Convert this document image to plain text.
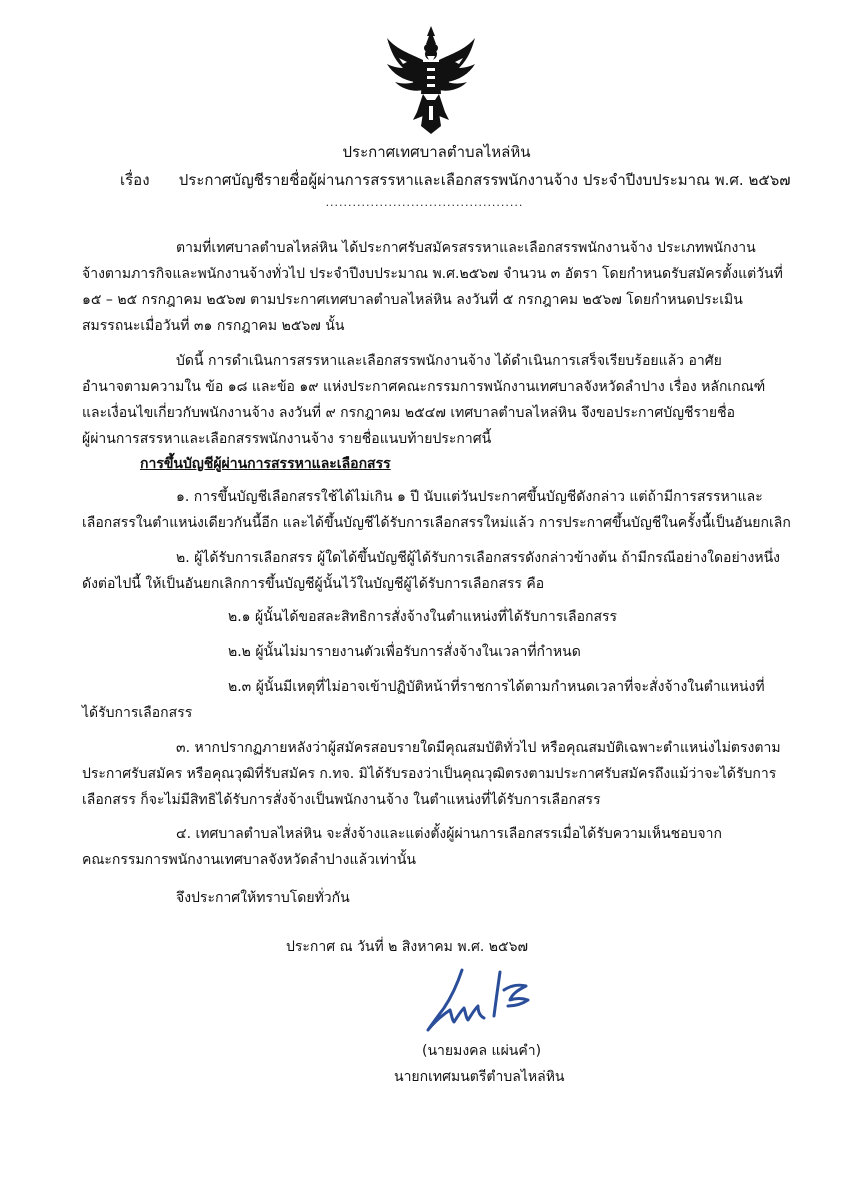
ประกาศเทศบาลตำบลไหล่หิน
เรื่อง ประกาศบัญชีรายชื่อผู้ผ่านการสรรหาและเลือกสรรพนักงานจ้าง ประจำปีงบประมาณ พ.ศ. ๒๕๖๗
............................................
ตามที่เทศบาลตำบลไหล่หิน ได้ประกาศรับสมัครสรรหาและเลือกสรรพนักงานจ้าง ประเภทพนักงาน
จ้างตามภารกิจและพนักงานจ้างทั่วไป ประจำปีงบประมาณ พ.ศ.๒๕๖๗ จำนวน ๓ อัตรา โดยกำหนดรับสมัครตั้งแต่วันที่
๑๕ – ๒๕ กรกฎาคม ๒๕๖๗ ตามประกาศเทศบาลตำบลไหล่หิน ลงวันที่ ๕ กรกฎาคม ๒๕๖๗ โดยกำหนดประเมิน
สมรรถนะเมื่อวันที่ ๓๑ กรกฎาคม ๒๕๖๗ นั้น
บัดนี้ การดำเนินการสรรหาและเลือกสรรพนักงานจ้าง ได้ดำเนินการเสร็จเรียบร้อยแล้ว อาศัย
อำนาจตามความใน ข้อ ๑๘ และข้อ ๑๙ แห่งประกาศคณะกรรมการพนักงานเทศบาลจังหวัดลำปาง เรื่อง หลักเกณฑ์
และเงื่อนไขเกี่ยวกับพนักงานจ้าง ลงวันที่ ๙ กรกฎาคม ๒๕๔๗ เทศบาลตำบลไหล่หิน จึงขอประกาศบัญชีรายชื่อ
ผู้ผ่านการสรรหาและเลือกสรรพนักงานจ้าง รายชื่อแนบท้ายประกาศนี้
การขึ้นบัญชีผู้ผ่านการสรรหาและเลือกสรร
๑. การขึ้นบัญชีเลือกสรรใช้ได้ไม่เกิน ๑ ปี นับแต่วันประกาศขึ้นบัญชีดังกล่าว แต่ถ้ามีการสรรหาและ
เลือกสรรในตำแหน่งเดียวกันนี้อีก และได้ขึ้นบัญชีได้รับการเลือกสรรใหม่แล้ว การประกาศขึ้นบัญชีในครั้งนี้เป็นอันยกเลิก
๒. ผู้ได้รับการเลือกสรร ผู้ใดได้ขึ้นบัญชีผู้ได้รับการเลือกสรรดังกล่าวข้างต้น ถ้ามีกรณีอย่างใดอย่างหนึ่ง
ดังต่อไปนี้ ให้เป็นอันยกเลิกการขึ้นบัญชีผู้นั้นไว้ในบัญชีผู้ได้รับการเลือกสรร คือ
๒.๑ ผู้นั้นได้ขอสละสิทธิการสั่งจ้างในตำแหน่งที่ได้รับการเลือกสรร
๒.๒ ผู้นั้นไม่มารายงานตัวเพื่อรับการสั่งจ้างในเวลาที่กำหนด
๒.๓ ผู้นั้นมีเหตุที่ไม่อาจเข้าปฏิบัติหน้าที่ราชการได้ตามกำหนดเวลาที่จะสั่งจ้างในตำแหน่งที่
ได้รับการเลือกสรร
๓. หากปรากฏภายหลังว่าผู้สมัครสอบรายใดมีคุณสมบัติทั่วไป หรือคุณสมบัติเฉพาะตำแหน่งไม่ตรงตาม
ประกาศรับสมัคร หรือคุณวุฒิที่รับสมัคร ก.ทจ. มิได้รับรองว่าเป็นคุณวุฒิตรงตามประกาศรับสมัครถึงแม้ว่าจะได้รับการ
เลือกสรร ก็จะไม่มีสิทธิได้รับการสั่งจ้างเป็นพนักงานจ้าง ในตำแหน่งที่ได้รับการเลือกสรร
๔. เทศบาลตำบลไหล่หิน จะสั่งจ้างและแต่งตั้งผู้ผ่านการเลือกสรรเมื่อได้รับความเห็นชอบจาก
คณะกรรมการพนักงานเทศบาลจังหวัดลำปางแล้วเท่านั้น
จึงประกาศให้ทราบโดยทั่วกัน
ประกาศ ณ วันที่ ๒ สิงหาคม พ.ศ. ๒๕๖๗
(นายมงคล แผ่นคำ)
นายกเทศมนตรีตำบลไหล่หิน
